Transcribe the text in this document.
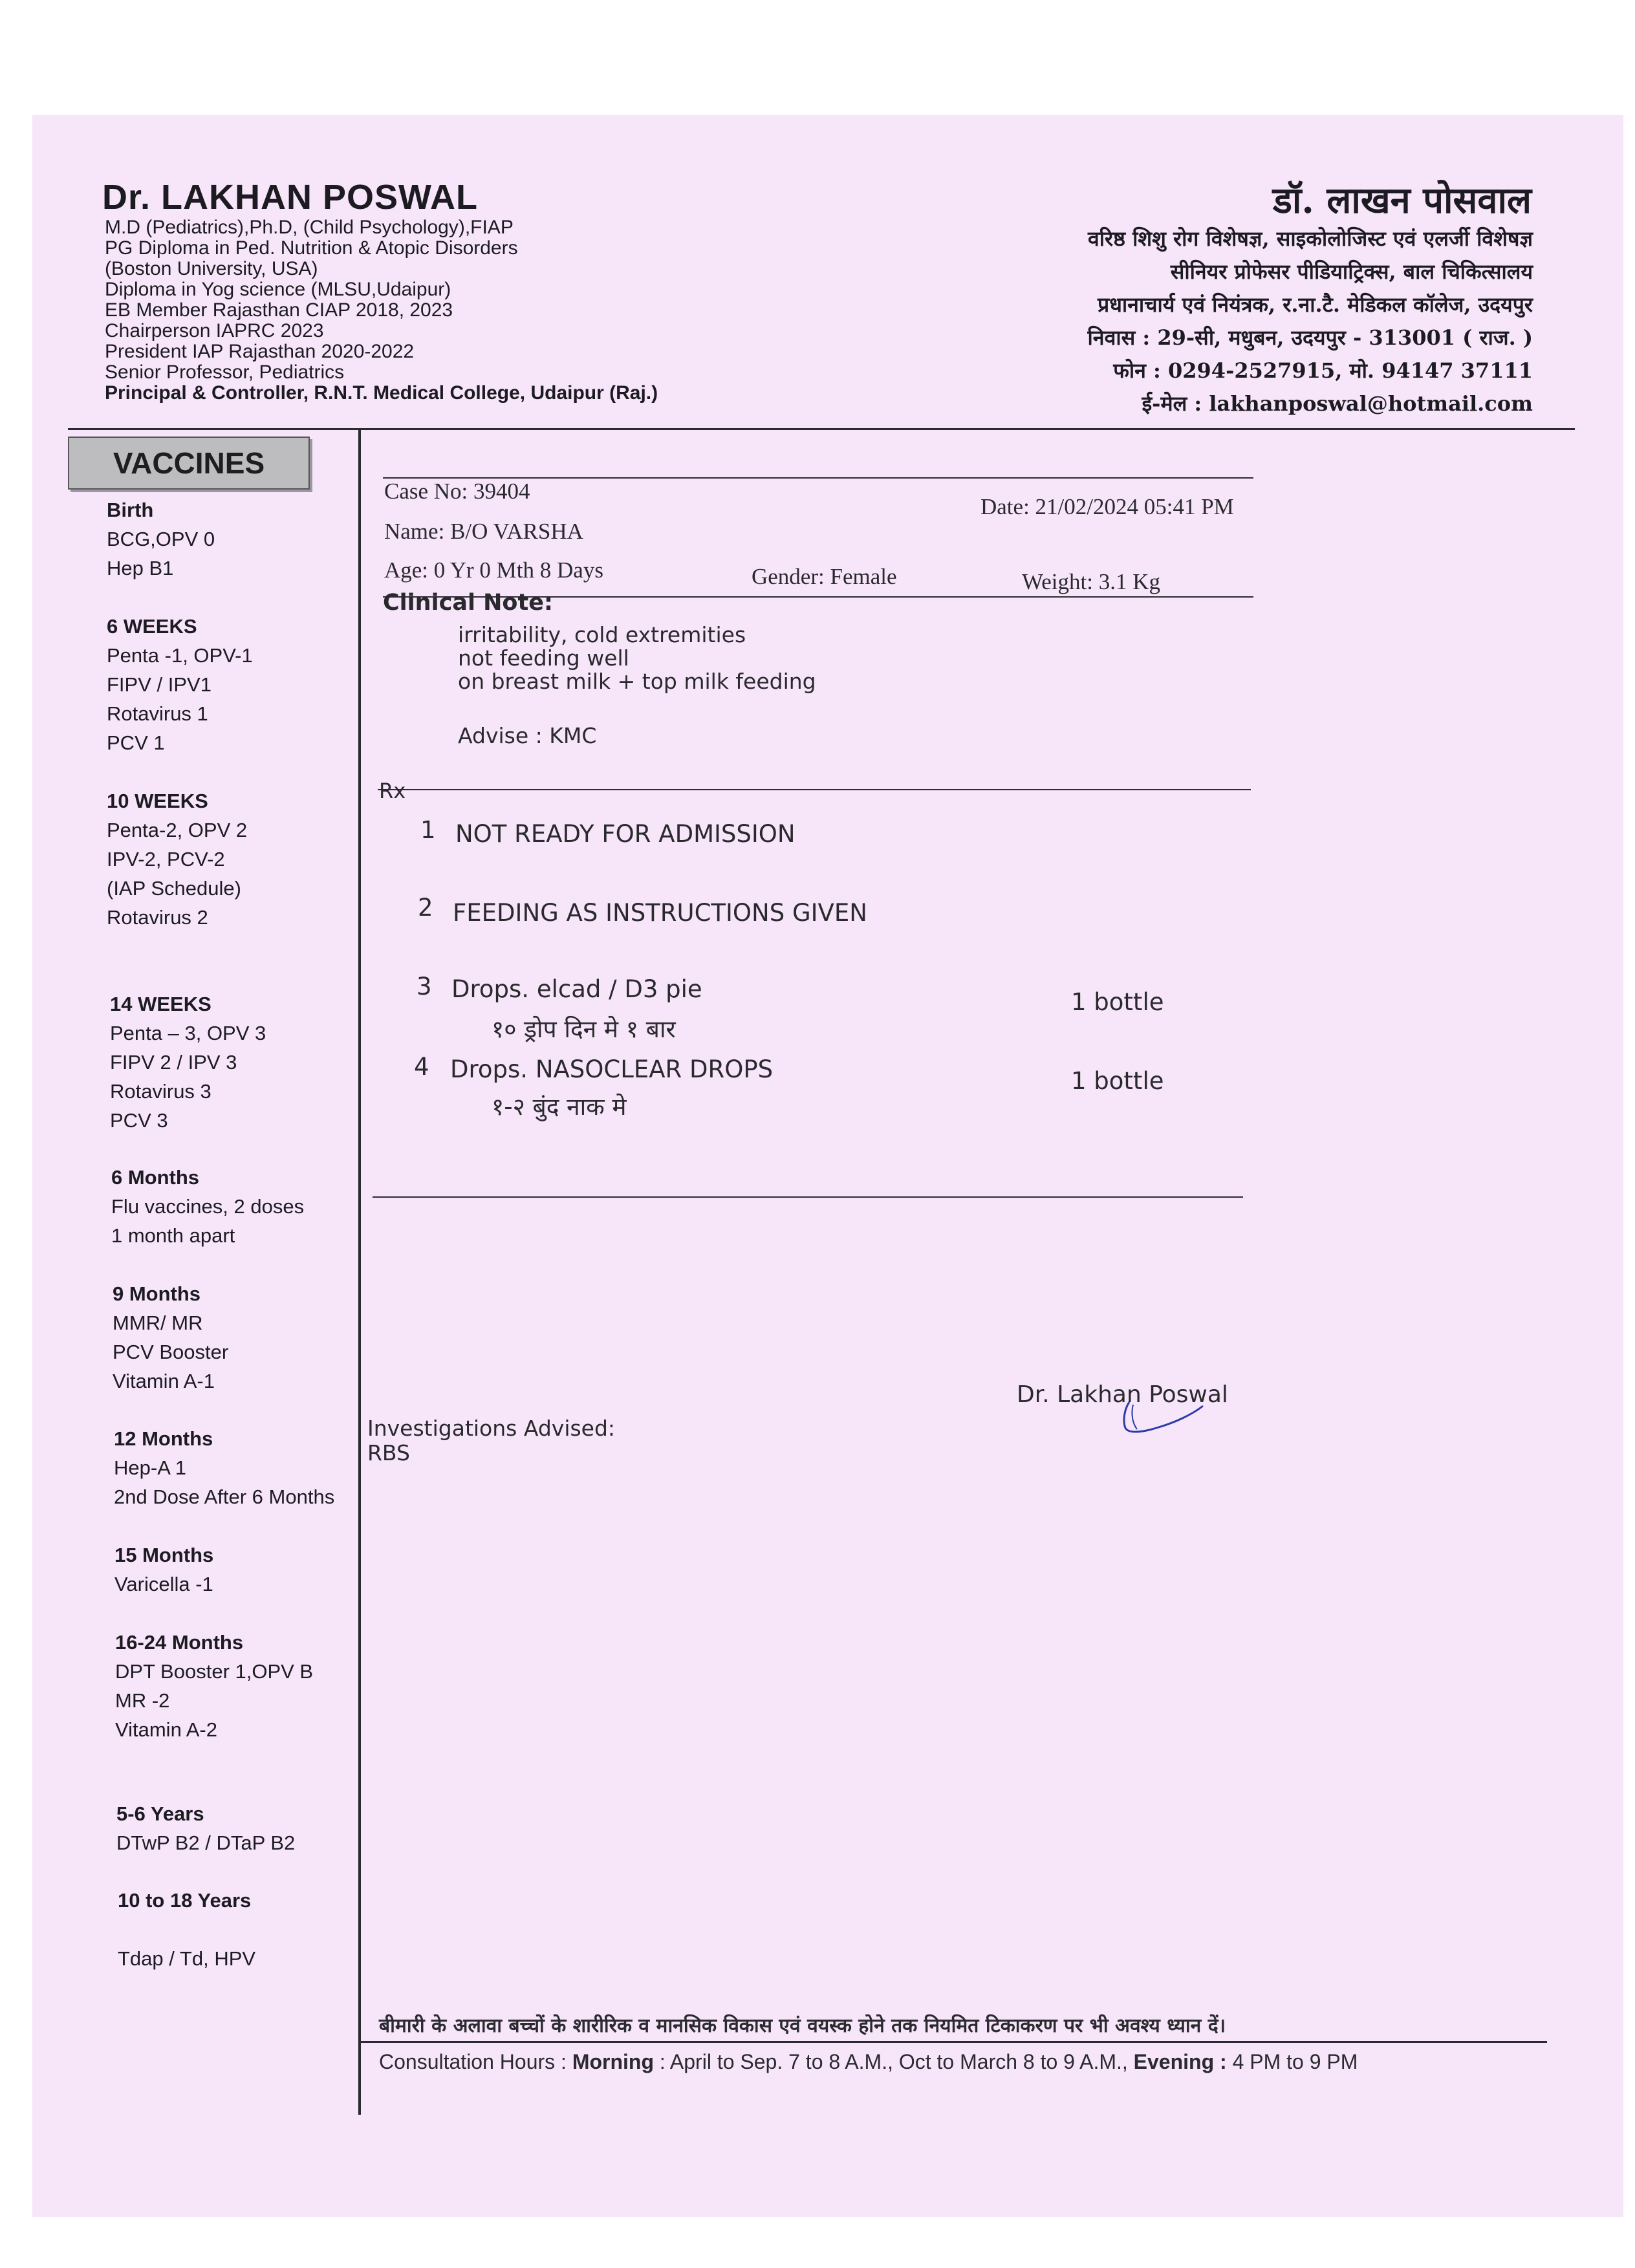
Dr. LAKHAN POSWAL
M.D (Pediatrics),Ph.D, (Child Psychology),FIAP
PG Diploma in Ped. Nutrition & Atopic Disorders
(Boston University, USA)
Diploma in Yog science (MLSU,Udaipur)
EB Member Rajasthan CIAP 2018, 2023
Chairperson IAPRC 2023
President IAP Rajasthan 2020-2022
Senior Professor, Pediatrics
Principal & Controller, R.N.T. Medical College, Udaipur (Raj.)
डॉ. लाखन पोसवाल
वरिष्ठ शिशु रोग विशेषज्ञ, साइकोलोजिस्ट एवं एलर्जी विशेषज्ञ
सीनियर प्रोफेसर पीडियाट्रिक्स, बाल चिकित्सालय
प्रधानाचार्य एवं नियंत्रक, र.ना.टै. मेडिकल कॉलेज, उदयपुर
निवास : 29-सी, मधुबन, उदयपुर - 313001 ( राज. )
फोन : 0294-2527915, मो. 94147 37111
ई-मेल : lakhanposwal@hotmail.com
VACCINES
Birth
BCG,OPV 0
Hep B1
6 WEEKS
Penta -1, OPV-1
FIPV / IPV1
Rotavirus 1
PCV 1
10 WEEKS
Penta-2, OPV 2
IPV-2, PCV-2
(IAP Schedule)
Rotavirus 2
14 WEEKS
Penta – 3, OPV 3
FIPV 2 / IPV 3
Rotavirus 3
PCV 3
6 Months
Flu vaccines, 2 doses
1 month apart
9 Months
MMR/ MR
PCV Booster
Vitamin A-1
12 Months
Hep-A 1
2nd Dose After 6 Months
15 Months
Varicella -1
16-24 Months
DPT Booster 1,OPV B
MR -2
Vitamin A-2
5-6 Years
DTwP B2 / DTaP B2
10 to 18 Years
Tdap / Td, HPV
Case No: 39404
Date: 21/02/2024 05:41 PM
Name: B/O VARSHA
Age: 0 Yr 0 Mth 8 Days	Gender: Female	Weight: 3.1 Kg
Clinical Note:
irritability, cold extremities
not feeding well
on breast milk + top milk feeding
Advise : KMC
Rx
1 NOT READY FOR ADMISSION
2 FEEDING AS INSTRUCTIONS GIVEN
3 Drops. elcad / D3 pie	1 bottle
१० ड्रोप दिन मे १ बार
4 Drops. NASOCLEAR DROPS	1 bottle
१-२ बुंद नाक मे
Dr. Lakhan Poswal
Investigations Advised:
RBS
बीमारी के अलावा बच्चों के शारीरिक व मानसिक विकास एवं वयस्क होने तक नियमित टिकाकरण पर भी अवश्य ध्यान दें।
Consultation Hours : Morning : April to Sep. 7 to 8 A.M., Oct to March 8 to 9 A.M., Evening : 4 PM to 9 PM
